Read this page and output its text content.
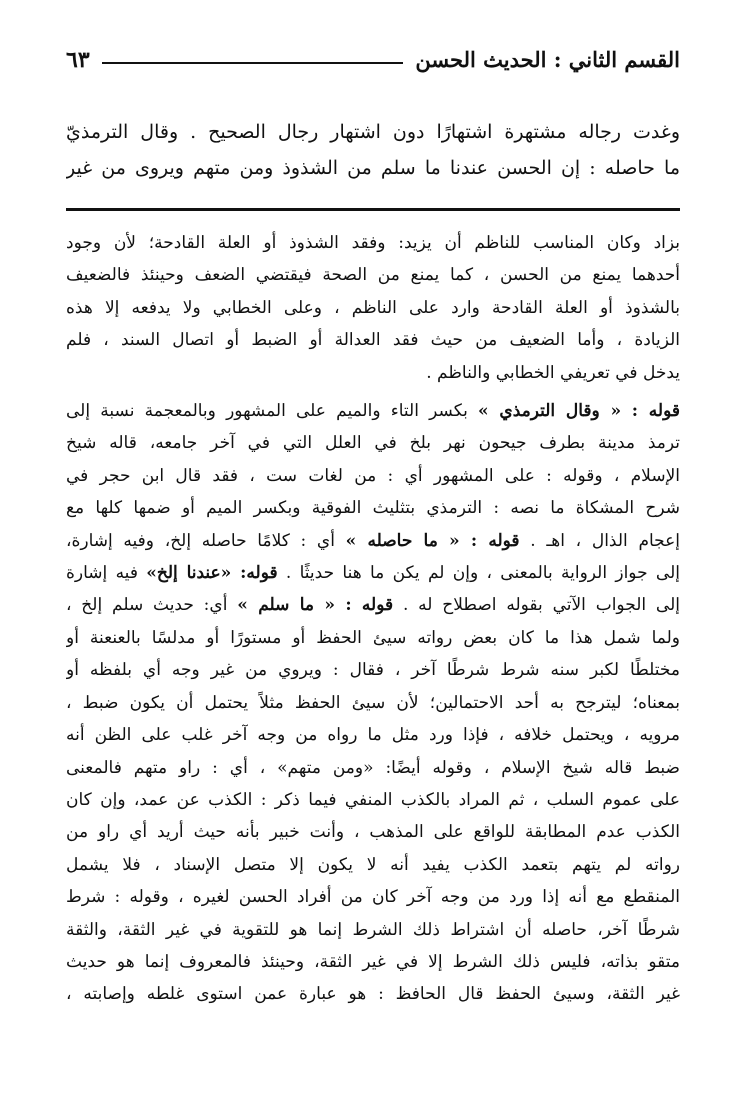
القسم الثاني : الحديث الحسن
٦٣
وغدت رجاله مشتهرة اشتهارًا دون اشتهار رجال الصحيح . وقال الترمذيّ
ما حاصله : إن الحسن عندنا ما سلم من الشذوذ ومن متهم ويروى من غير
بزاد وكان المناسب للناظم أن يزيد: وفقد الشذوذ أو العلة القادحة؛ لأن وجود
أحدهما يمنع من الحسن ، كما يمنع من الصحة فيقتضي الضعف وحينئذ فالضعيف
بالشذوذ أو العلة القادحة وارد على الناظم ، وعلى الخطابي ولا يدفعه إلا هذه
الزيادة ، وأما الضعيف من حيث فقد العدالة أو الضبط أو اتصال السند ، فلم
يدخل في تعريفي الخطابي والناظم .
قوله : « وقال الترمذي » بكسر التاء والميم على المشهور وبالمعجمة نسبة إلى
ترمذ مدينة بطرف جيحون نهر بلخ في العلل التي في آخر جامعه، قاله شيخ
الإسلام ، وقوله : على المشهور أي : من لغات ست ، فقد قال ابن حجر في
شرح المشكاة ما نصه : الترمذي بتثليث الفوقية وبكسر الميم أو ضمها كلها مع
إعجام الذال ، اهـ . قوله : « ما حاصله » أي : كلامًا حاصله إلخ، وفيه إشارة،
إلى جواز الرواية بالمعنى ، وإن لم يكن ما هنا حديثًا . قوله: «عندنا إلخ» فيه إشارة
إلى الجواب الآتي بقوله اصطلاح له . قوله : « ما سلم » أي: حديث سلم إلخ ،
ولما شمل هذا ما كان بعض رواته سيئ الحفظ أو مستورًا أو مدلسًا بالعنعنة أو
مختلطًا لكبر سنه شرط شرطًا آخر ، فقال : ويروي من غير وجه أي بلفظه أو
بمعناه؛ ليترجح به أحد الاحتمالين؛ لأن سيئ الحفظ مثلاً يحتمل أن يكون ضبط ،
مرويه ، ويحتمل خلافه ، فإذا ورد مثل ما رواه من وجه آخر غلب على الظن أنه
ضبط قاله شيخ الإسلام ، وقوله أيضًا: «ومن متهم» ، أي : راو متهم فالمعنى
على عموم السلب ، ثم المراد بالكذب المنفي فيما ذكر : الكذب عن عمد، وإن كان
الكذب عدم المطابقة للواقع على المذهب ، وأنت خبير بأنه حيث أريد أي راو من
رواته لم يتهم بتعمد الكذب يفيد أنه لا يكون إلا متصل الإسناد ، فلا يشمل
المنقطع مع أنه إذا ورد من وجه آخر كان من أفراد الحسن لغيره ، وقوله : شرط
شرطًا آخر، حاصله أن اشتراط ذلك الشرط إنما هو للتقوية في غير الثقة، والثقة
متقو بذاته، فليس ذلك الشرط إلا في غير الثقة، وحينئذ فالمعروف إنما هو حديث
غير الثقة، وسيئ الحفظ قال الحافظ : هو عبارة عمن استوى غلطه وإصابته ،
